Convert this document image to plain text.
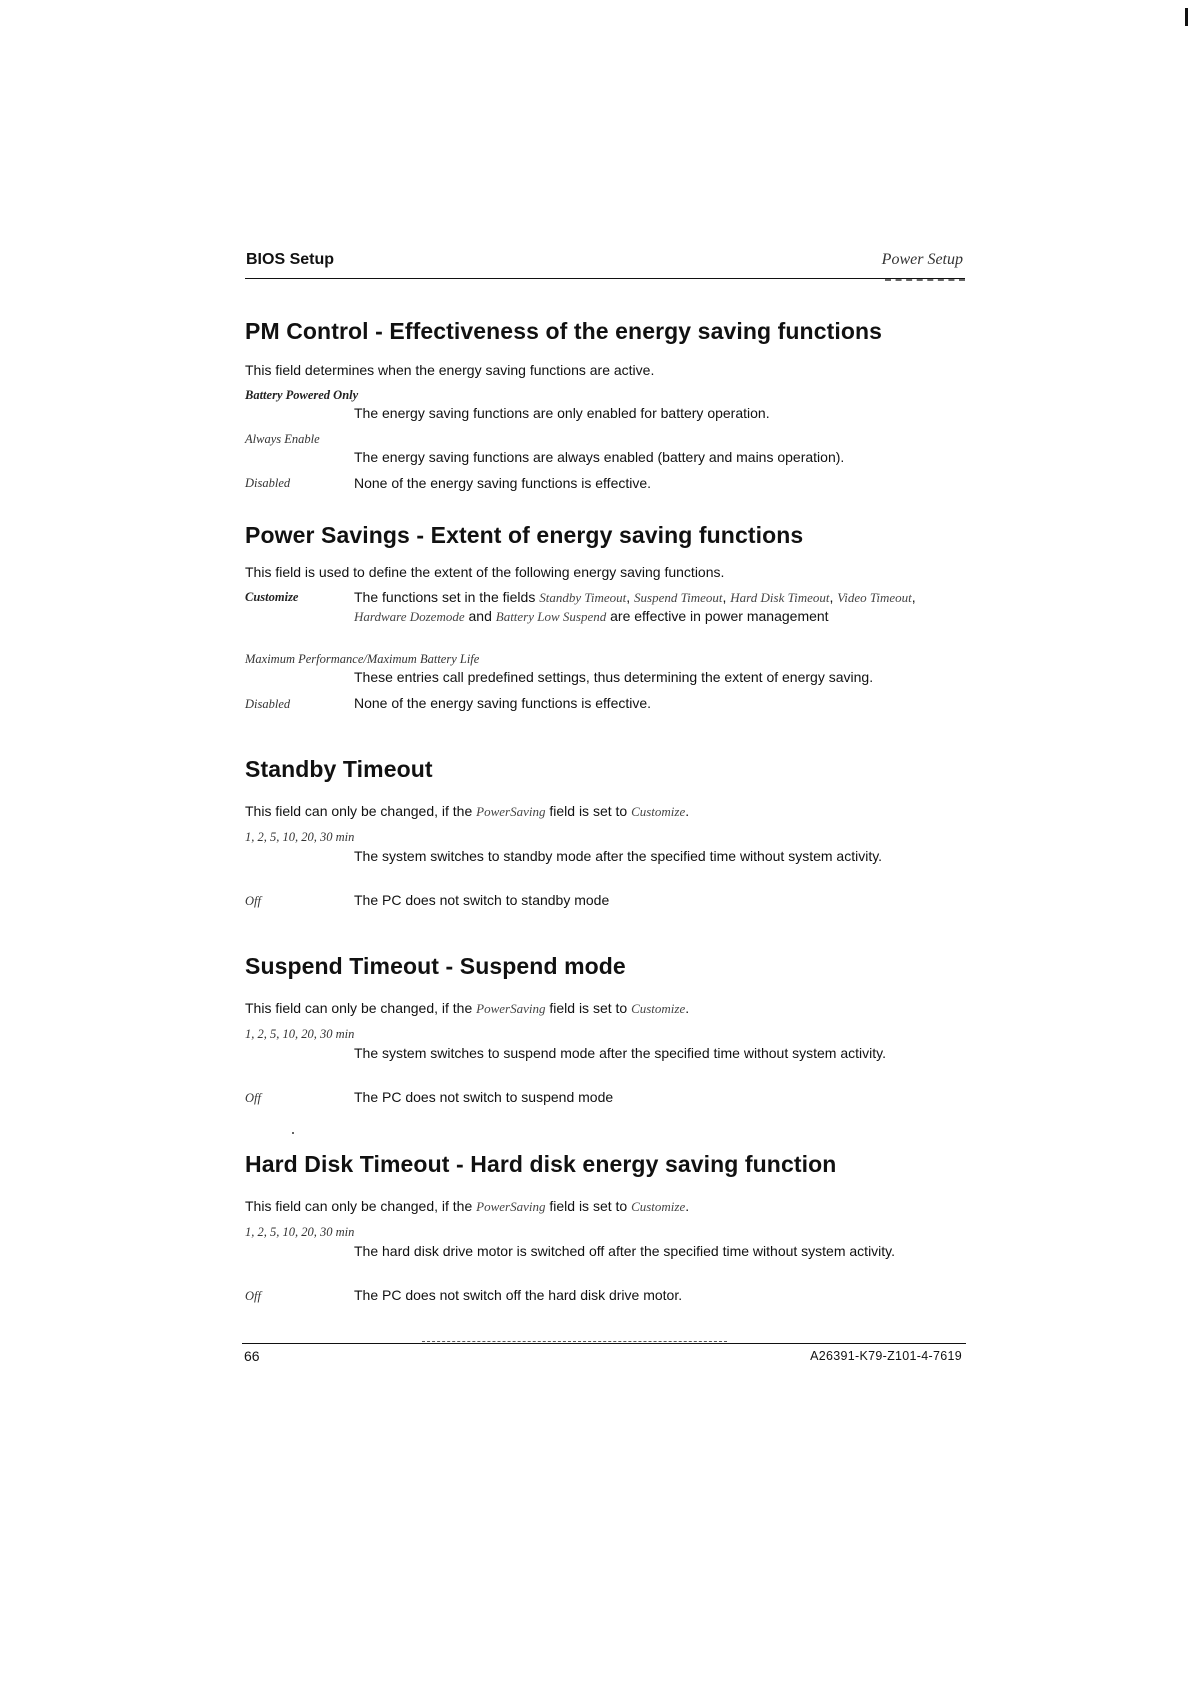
BIOS Setup	Power Setup
PM Control - Effectiveness of the energy saving functions

This field determines when the energy saving functions are active.

Battery Powered Only

The energy saving functions are only enabled for battery operation.

Always Enable

The energy saving functions are always enabled (battery and mains operation).

Disabled	None of the energy saving functions is effective.

Power Savings - Extent of energy saving functions

This field is used to define the extent of the following energy saving functions.

Customize	The functions set in the fields Standby Timeout, Suspend Timeout, Hard Disk Timeout, Video Timeout, Hardware Dozemode and Battery Low Suspend are effective in power management

Maximum Performance/Maximum Battery Life

These entries call predefined settings, thus determining the extent of energy saving.

Disabled	None of the energy saving functions is effective.

Standby Timeout

This field can only be changed, if the PowerSaving field is set to Customize.

1, 2, 5, 10, 20, 30 min

The system switches to standby mode after the specified time without system activity.

Off	The PC does not switch to standby mode

Suspend Timeout - Suspend mode

This field can only be changed, if the PowerSaving field is set to Customize.

1, 2, 5, 10, 20, 30 min

The system switches to suspend mode after the specified time without system activity.

Off	The PC does not switch to suspend mode

Hard Disk Timeout - Hard disk energy saving function

This field can only be changed, if the PowerSaving field is set to Customize.

1, 2, 5, 10, 20, 30 min

The hard disk drive motor is switched off after the specified time without system activity.

Off	The PC does not switch off the hard disk drive motor.

66	A26391-K79-Z101-4-7619
